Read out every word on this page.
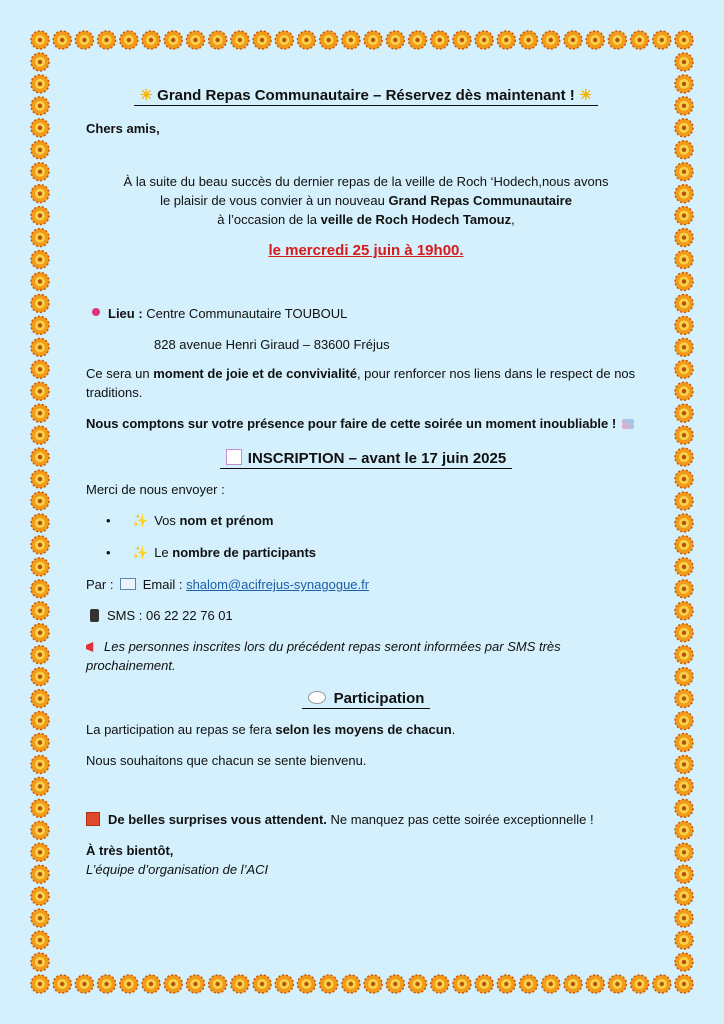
☀ Grand Repas Communautaire – Réservez dès maintenant ! ☀

Chers amis,

À la suite du beau succès du dernier repas de la veille de Roch ‘Hodech,nous avons

le plaisir de vous convier à un nouveau Grand Repas Communautaire

à l’occasion de la veille de Roch Hodech Tamouz,

le mercredi 25 juin à 19h00.

Lieu : Centre Communautaire TOUBOUL

828 avenue Henri Giraud – 83600 Fréjus

Ce sera un moment de joie et de convivialité, pour renforcer nos liens dans le respect de nos traditions.

Nous comptons sur votre présence pour faire de cette soirée un moment inoubliable !

INSCRIPTION – avant le 17 juin 2025

Merci de nous envoyer :

• ✨ Vos nom et prénom
• ✨ Le nombre de participants

Par : Email : shalom@acifrejus-synagogue.fr

SMS : 06 22 22 76 01

Les personnes inscrites lors du précédent repas seront informées par SMS très prochainement.

Participation

La participation au repas se fera selon les moyens de chacun.

Nous souhaitons que chacun se sente bienvenu.

De belles surprises vous attendent. Ne manquez pas cette soirée exceptionnelle !

À très bientôt,

L’équipe d’organisation de l’ACI
